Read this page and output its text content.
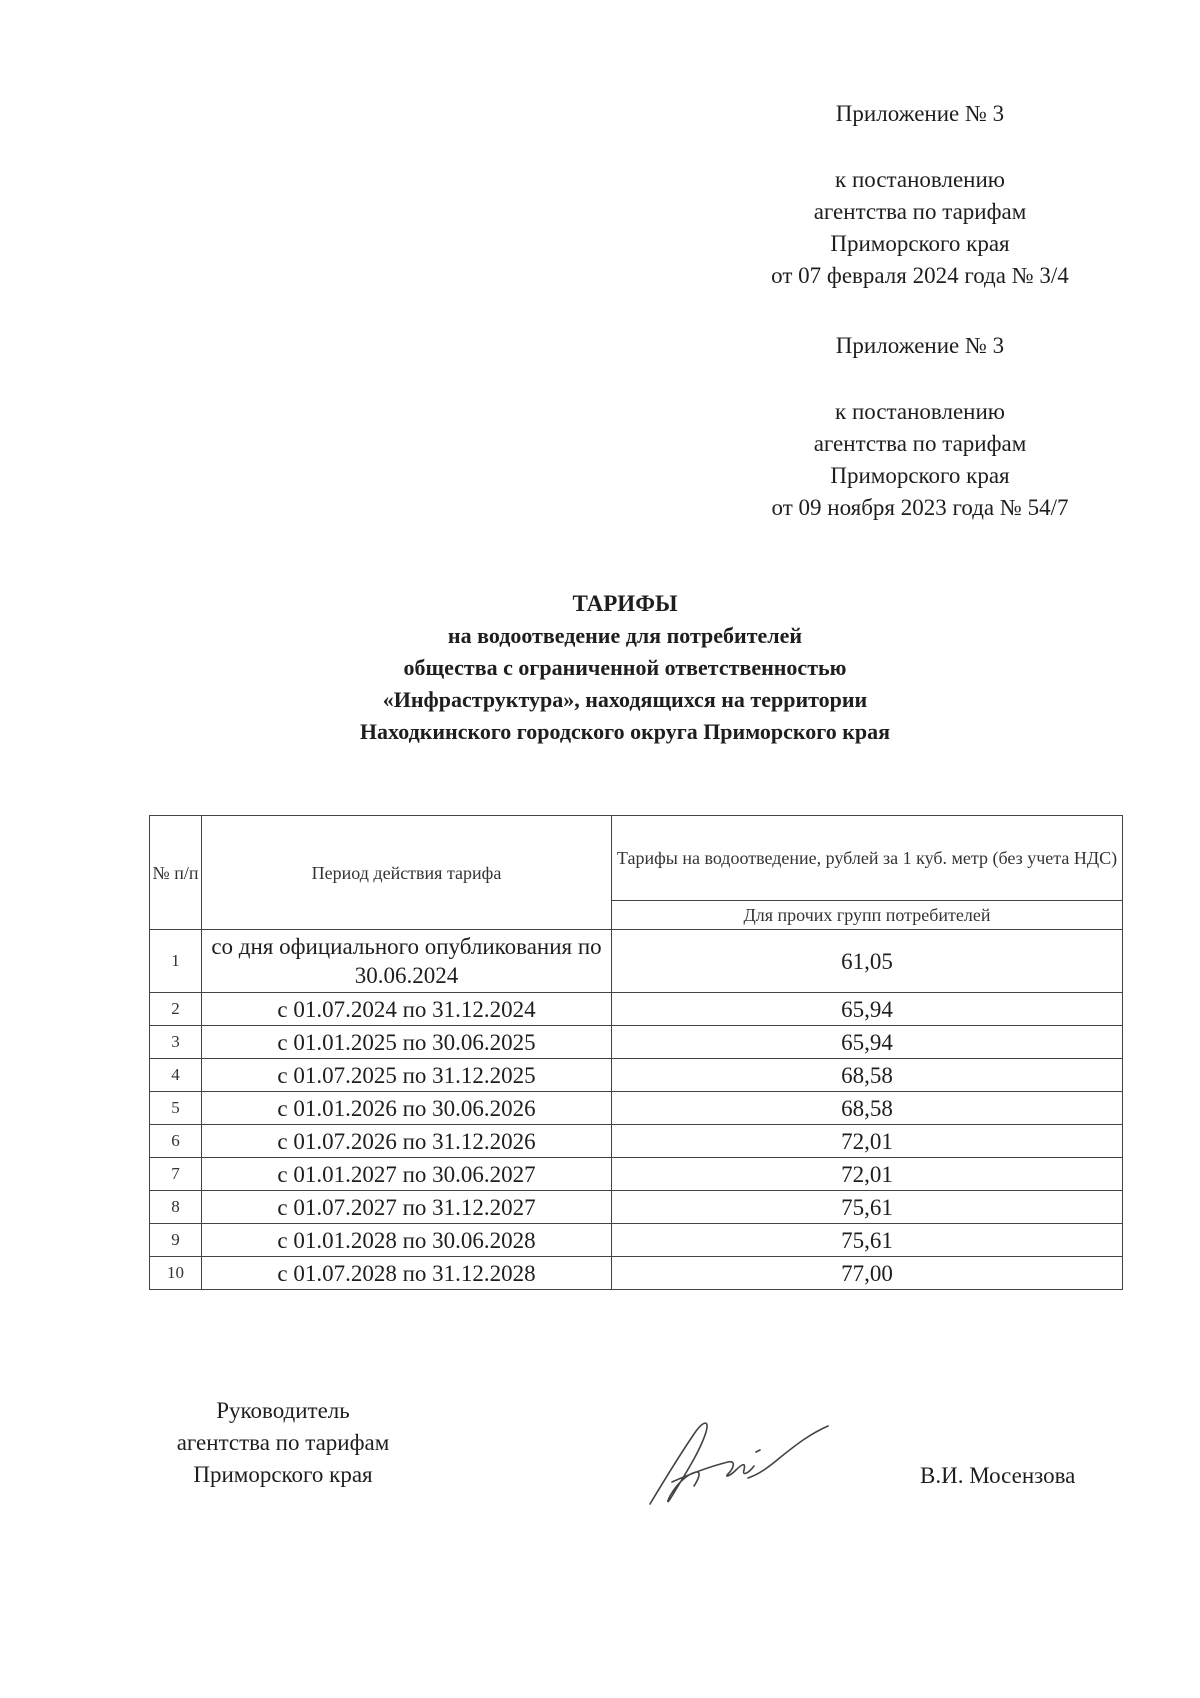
Приложение № 3
к постановлению
агентства по тарифам
Приморского края
от 07 февраля 2024 года № 3/4
Приложение № 3
к постановлению
агентства по тарифам
Приморского края
от 09 ноября 2023 года № 54/7
ТАРИФЫ
на водоотведение для потребителей
общества с ограниченной ответственностью
«Инфраструктура», находящихся на территории
Находкинского городского округа Приморского края
№ п/п	Период действия тарифа	Тарифы на водоотведение, рублей за 1 куб. метр (без учета НДС)
		Для прочих групп потребителей
1	со дня официального опубликования по 30.06.2024	61,05
2	с 01.07.2024 по 31.12.2024	65,94
3	с 01.01.2025 по 30.06.2025	65,94
4	с 01.07.2025 по 31.12.2025	68,58
5	с 01.01.2026 по 30.06.2026	68,58
6	с 01.07.2026 по 31.12.2026	72,01
7	с 01.01.2027 по 30.06.2027	72,01
8	с 01.07.2027 по 31.12.2027	75,61
9	с 01.01.2028 по 30.06.2028	75,61
10	с 01.07.2028 по 31.12.2028	77,00
Руководитель
агентства по тарифам
Приморского края	В.И. Мосензова
